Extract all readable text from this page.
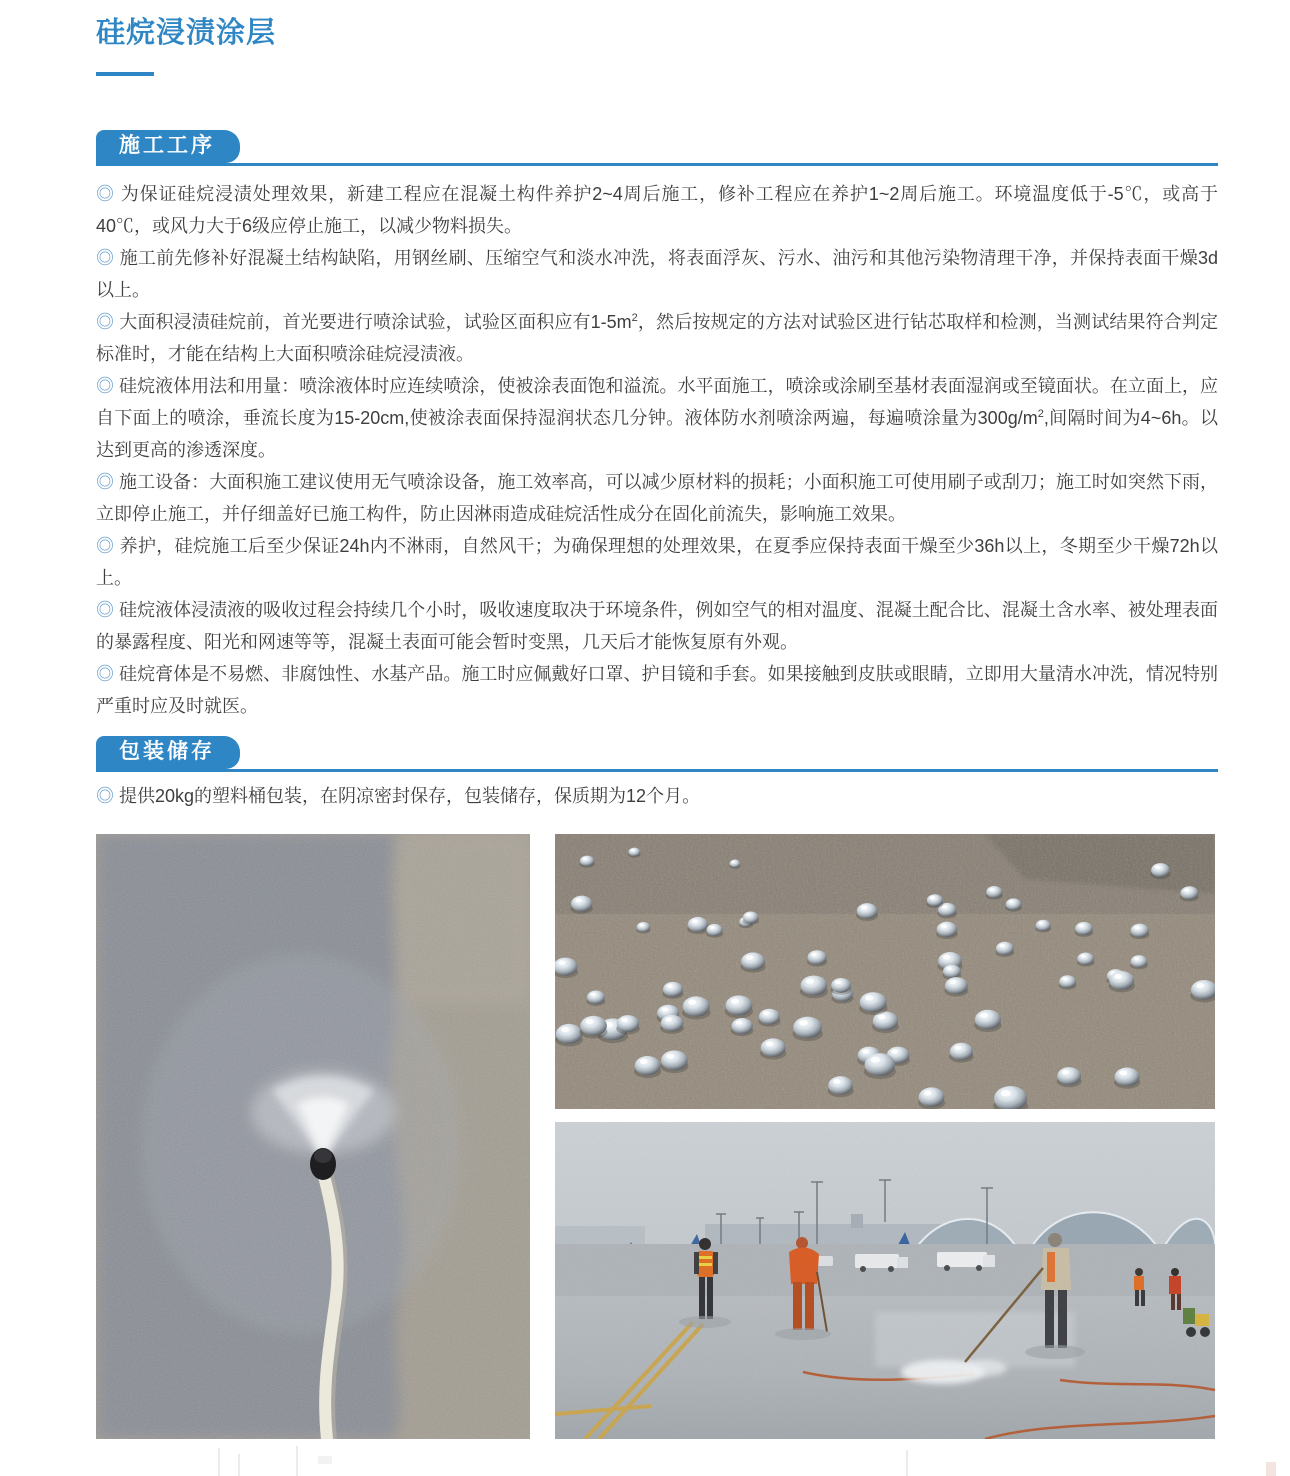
硅烷浸渍涂层
施工工序

◎ 为保证硅烷浸渍处理效果，新建工程应在混凝土构件养护2~4周后施工，修补工程应在养护1~2周后施工。环境温度低于-5℃，或高于40℃，或风力大于6级应停止施工，以减少物料损失。

◎ 施工前先修补好混凝土结构缺陷，用钢丝刷、压缩空气和淡水冲洗，将表面浮灰、污水、油污和其他污染物清理干净，并保持表面干燥3d以上。

◎ 大面积浸渍硅烷前，首光要进行喷涂试验，试验区面积应有$1-5m^2$，然后按规定的方法对试验区进行钻芯取样和检测，当测试结果符合判定标准时，才能在结构上大面积喷涂硅烷浸渍液。

◎ 硅烷液体用法和用量：喷涂液体时应连续喷涂，使被涂表面饱和溢流。水平面施工，喷涂或涂刷至基材表面湿润或至镜面状。在立面上，应自下面上的喷涂，垂流长度为15-20cm,使被涂表面保持湿润状态几分钟。液体防水剂喷涂两遍，每遍喷涂量为$300g/m^2$,间隔时间为4~6h。以达到更高的渗透深度。

◎ 施工设备：大面积施工建议使用无气喷涂设备，施工效率高，可以减少原材料的损耗；小面积施工可使用刷子或刮刀；施工时如突然下雨，立即停止施工，并仔细盖好已施工构件，防止因淋雨造成硅烷活性成分在固化前流失，影响施工效果。

◎ 养护，硅烷施工后至少保证24h内不淋雨，自然风干；为确保理想的处理效果，在夏季应保持表面干燥至少36h以上，冬期至少干燥72h以上。

◎ 硅烷液体浸渍液的吸收过程会持续几个小时，吸收速度取决于环境条件，例如空气的相对温度、混凝土配合比、混凝土含水率、被处理表面的暴露程度、阳光和网速等等，混凝土表面可能会暂时变黑，几天后才能恢复原有外观。

◎ 硅烷膏体是不易燃、非腐蚀性、水基产品。施工时应佩戴好口罩、护目镜和手套。如果接触到皮肤或眼睛，立即用大量清水冲洗，情况特别严重时应及时就医。

包装储存

◎ 提供20kg的塑料桶包装，在阴凉密封保存，包装储存，保质期为12个月。
